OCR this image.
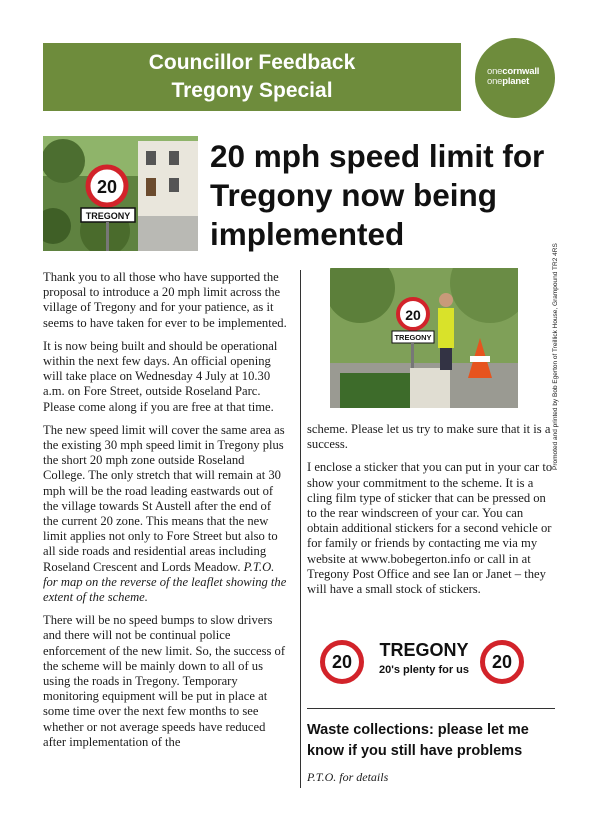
Councillor Feedback
Tregony Special
onecornwall
oneplanet
20
TREGONY
20 mph speed limit for Tregony now being implemented
Promoted and printed by Bob Egerton of Treillick House, Grampound TR2 4RS

Thank you to all those who have supported the proposal to introduce a 20 mph limit across the village of Tregony and for your patience, as it seems to have taken for ever to be implemented.

It is now being built and should be operational within the next few days. An official opening will take place on Wednesday 4 July at 10.30 a.m. on Fore Street, outside Roseland Parc. Please come along if you are free at that time.

The new speed limit will cover the same area as the existing 30 mph speed limit in Tregony plus the short 20 mph zone outside Roseland College. The only stretch that will remain at 30 mph will be the road leading eastwards out of the village towards St Austell after the end of the current 20 zone. This means that the new limit applies not only to Fore Street but also to all side roads and residential areas including Roseland Crescent and Lords Meadow. P.T.O. for map on the reverse of the leaflet showing the extent of the scheme.

There will be no speed bumps to slow drivers and there will not be continual police enforcement of the new limit. So, the success of the scheme will be mainly down to all of us using the roads in Tregony. Temporary monitoring equipment will be put in place at some time over the next few months to see whether or not average speeds have reduced after implementation of the

20
TREGONY

scheme. Please let us try to make sure that it is a success.

I enclose a sticker that you can put in your car to show your commitment to the scheme. It is a cling film type of sticker that can be pressed on to the rear windscreen of your car. You can obtain additional stickers for a second vehicle or for family or friends by contacting me via my website at www.bobegerton.info or call in at Tregony Post Office and see Ian or Janet – they will have a small stock of stickers.

20
TREGONY
20's plenty for us	20
Waste collections: please let me know if you still have problems
P.T.O. for details
